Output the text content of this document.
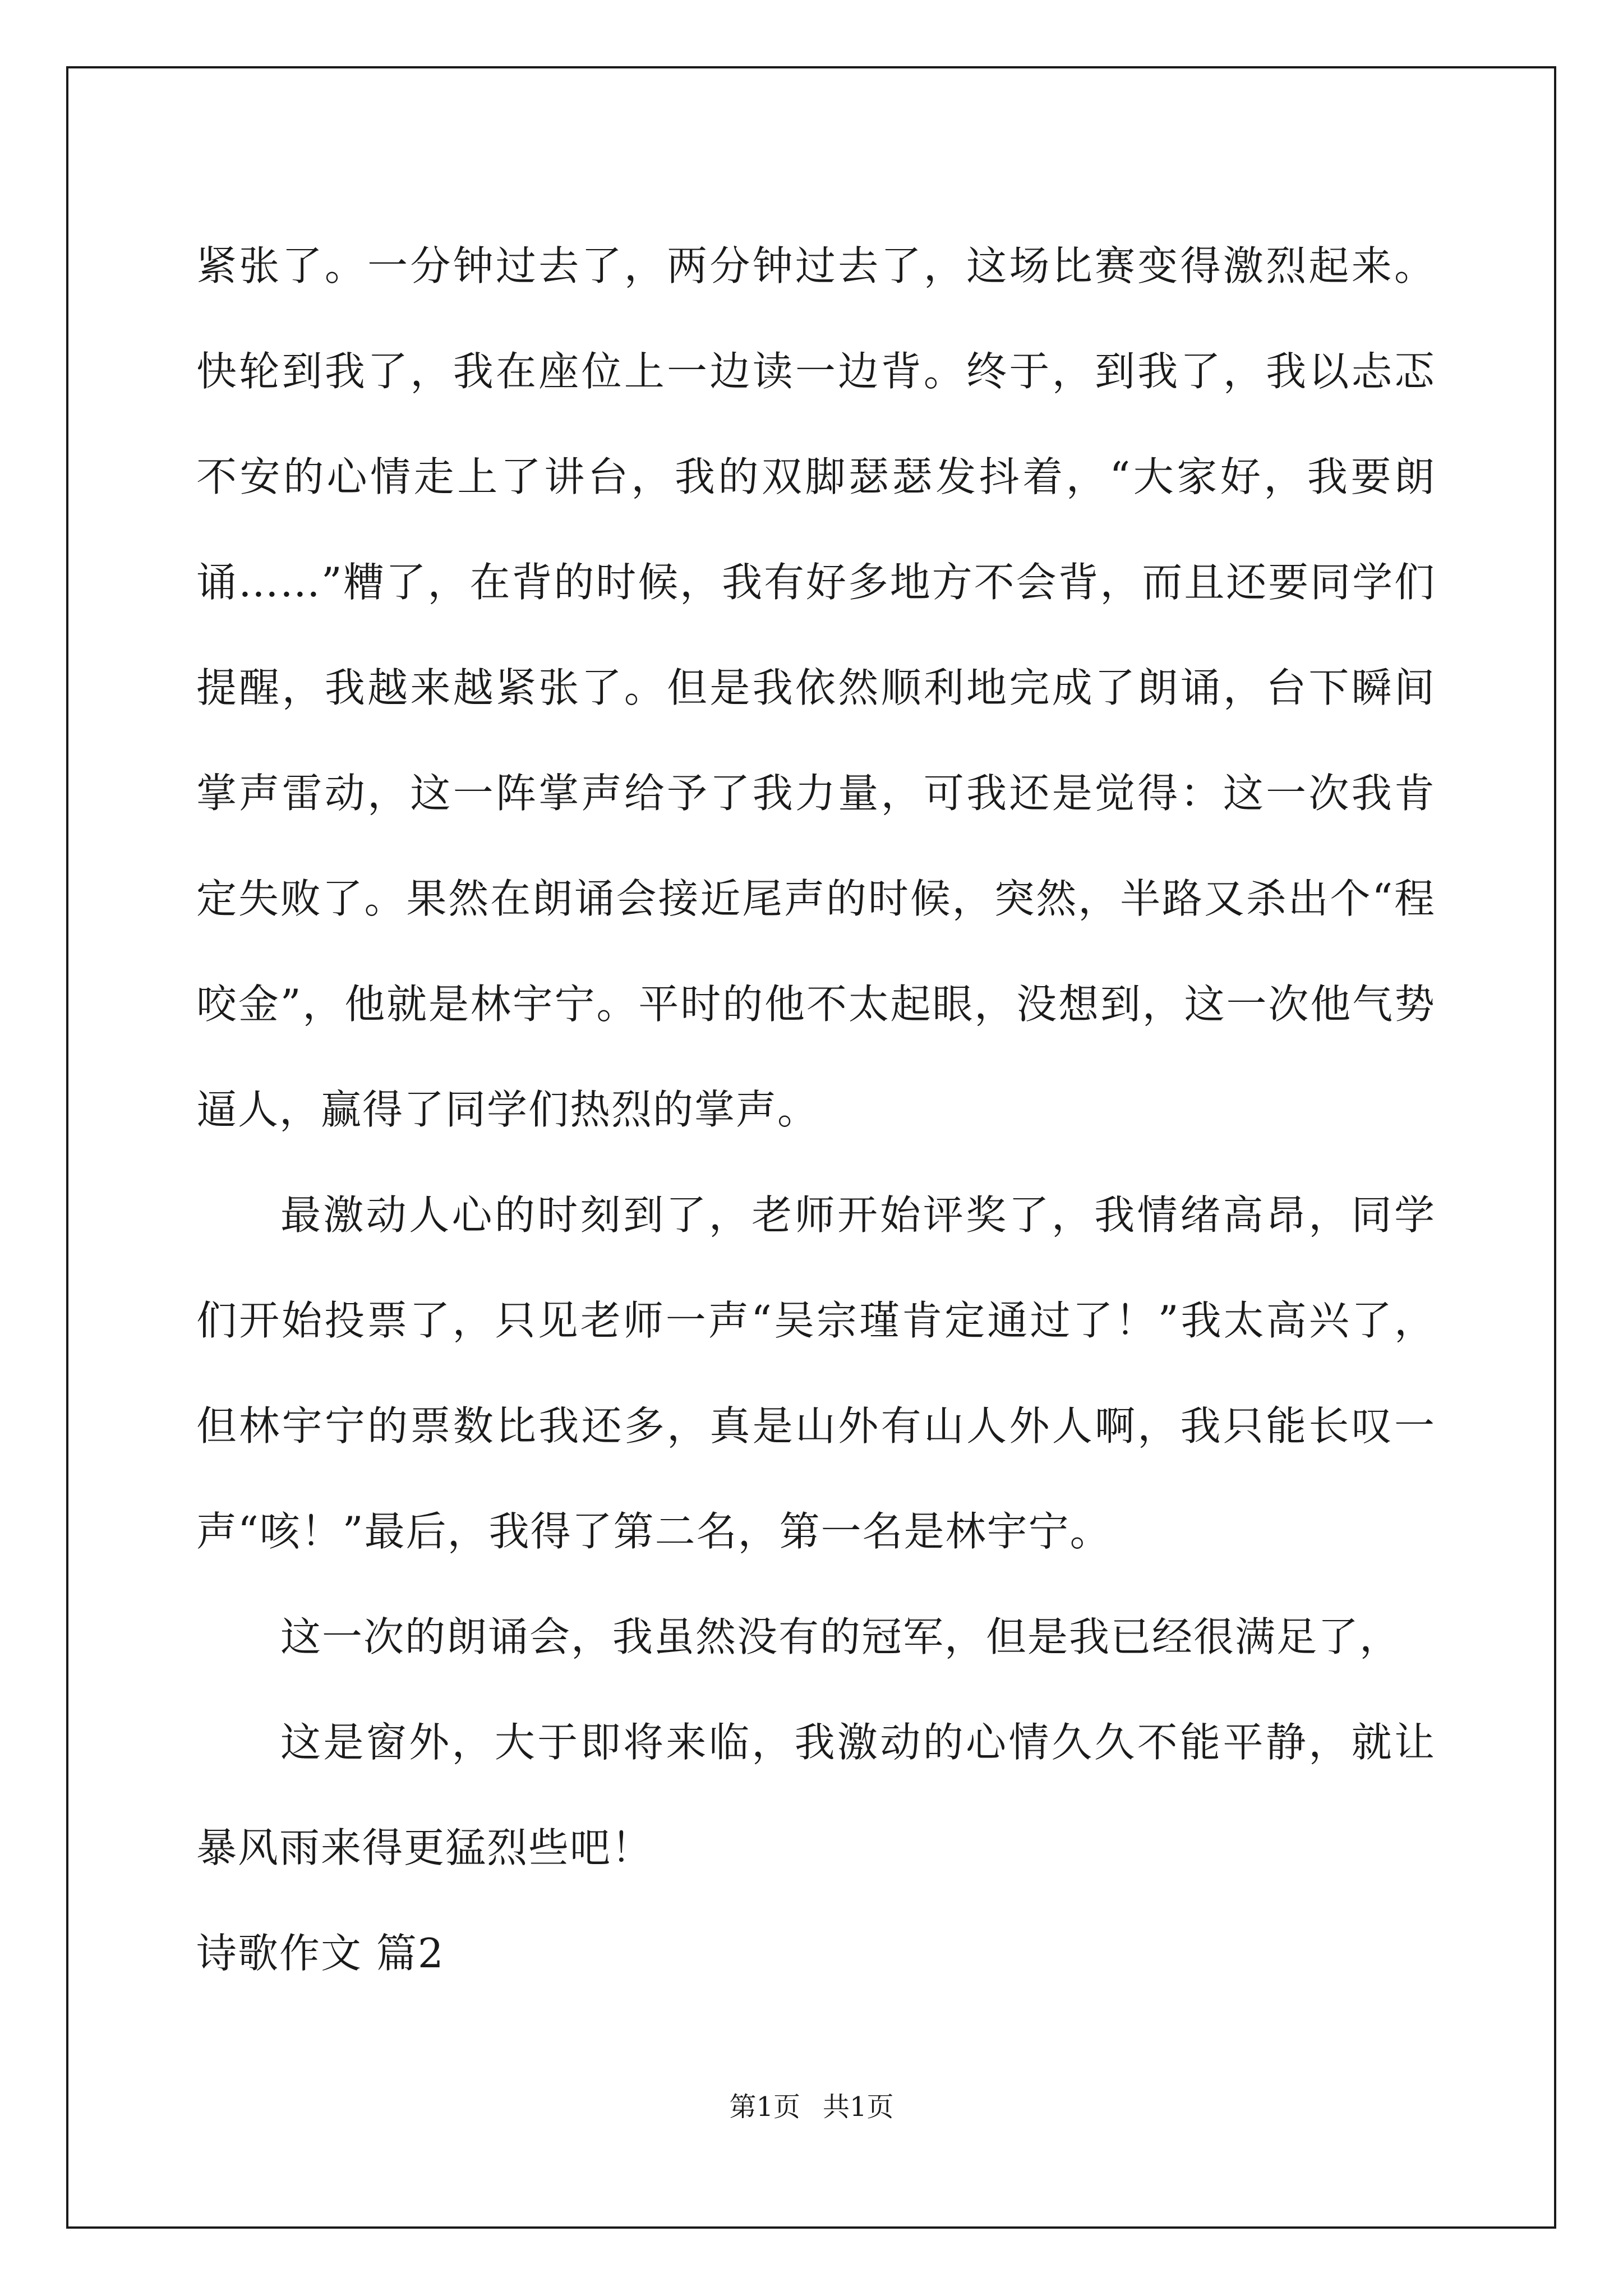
紧张了。一分钟过去了，两分钟过去了，这场比赛变得激烈起来。快轮到我了，我在座位上一边读一边背。终于，到我了，我以忐忑不安的心情走上了讲台，我的双脚瑟瑟发抖着，“大家好，我要朗诵……”糟了，在背的时候，我有好多地方不会背，而且还要同学们提醒，我越来越紧张了。但是我依然顺利地完成了朗诵，台下瞬间掌声雷动，这一阵掌声给予了我力量，可我还是觉得：这一次我肯定失败了。果然在朗诵会接近尾声的时候，突然，半路又杀出个“程咬金”，他就是林宇宁。平时的他不太起眼，没想到，这一次他气势逼人，赢得了同学们热烈的掌声。

最激动人心的时刻到了，老师开始评奖了，我情绪高昂，同学们开始投票了，只见老师一声“吴宗瑾肯定通过了！”我太高兴了，但林宇宁的票数比我还多，真是山外有山人外人啊，我只能长叹一声“咳！”最后，我得了第二名，第一名是林宇宁。

这一次的朗诵会，我虽然没有的冠军，但是我已经很满足了，

这是窗外，大于即将来临，我激动的心情久久不能平静，就让暴风雨来得更猛烈些吧！

诗歌作文 篇2

第1页 共1页
